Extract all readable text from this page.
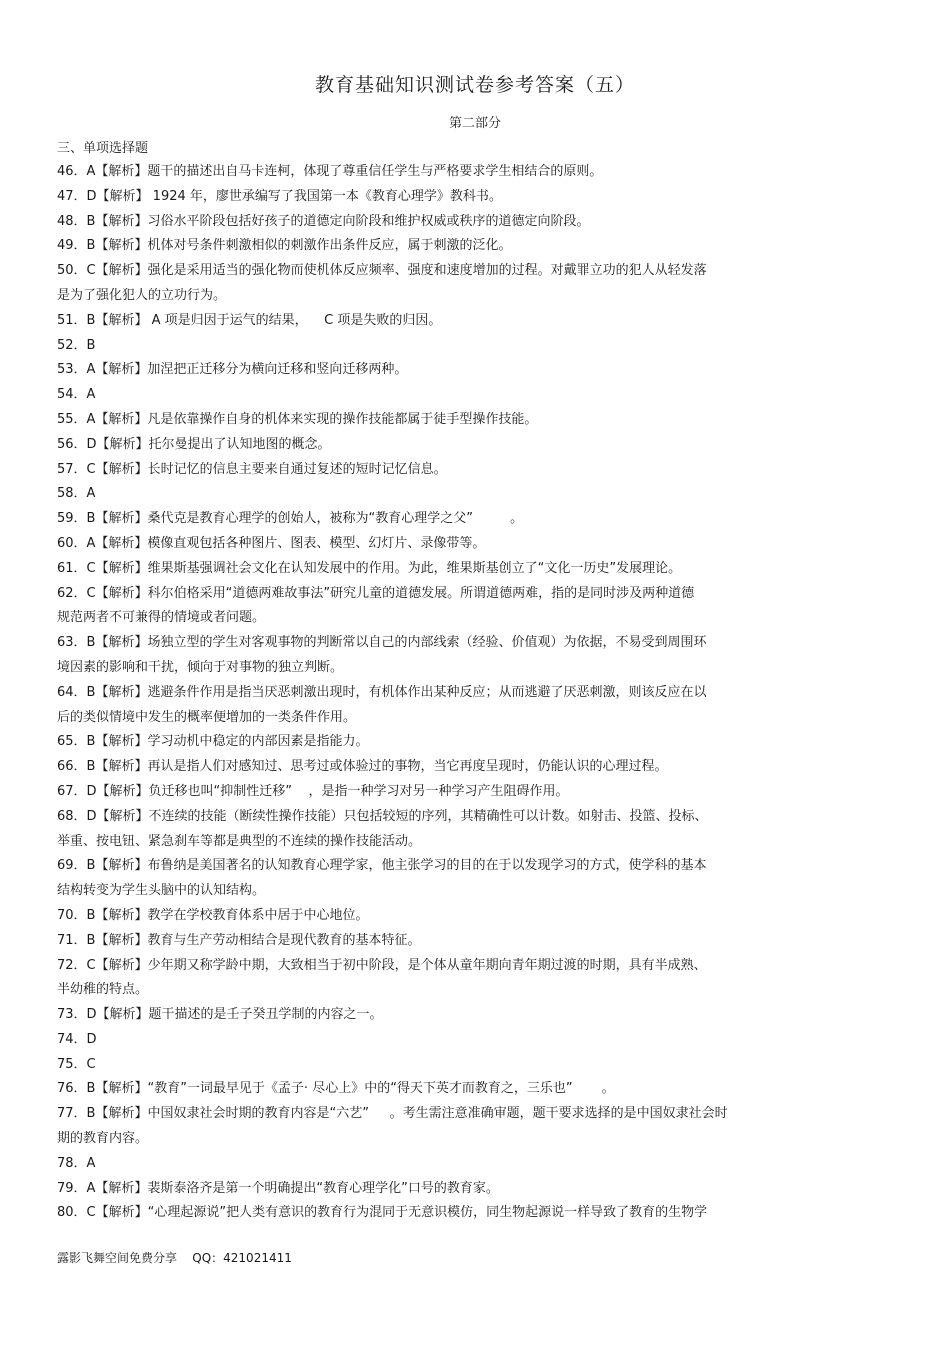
教育基础知识测试卷参考答案（五）
第二部分
三、单项选择题
46．A【解析】题干的描述出自马卡连柯，体现了尊重信任学生与严格要求学生相结合的原则。
47．D【解析】 1924 年，廖世承编写了我国第一本《教育心理学》教科书。
48．B【解析】习俗水平阶段包括好孩子的道德定向阶段和维护权威或秩序的道德定向阶段。
49．B【解析】机体对号条件刺激相似的刺激作出条件反应，属于刺激的泛化。
50．C【解析】强化是采用适当的强化物而使机体反应频率、强度和速度增加的过程。对戴罪立功的犯人从轻发落
是为了强化犯人的立功行为。
51．B【解析】 A 项是归因于运气的结果，    C 项是失败的归因。
52．B
53．A【解析】加涅把正迁移分为横向迁移和竖向迁移两种。
54．A
55．A【解析】凡是依靠操作自身的机体来实现的操作技能都属于徒手型操作技能。
56．D【解析】托尔曼提出了认知地图的概念。
57．C【解析】长时记忆的信息主要来自通过复述的短时记忆信息。
58．A
59．B【解析】桑代克是教育心理学的创始人，被称为“教育心理学之父”         。
60．A【解析】模像直观包括各种图片、图表、模型、幻灯片、录像带等。
61．C【解析】维果斯基强调社会文化在认知发展中的作用。为此，维果斯基创立了“文化一历史”发展理论。
62．C【解析】科尔伯格采用“道德两难故事法”研究儿童的道德发展。所谓道德两难，指的是同时涉及两种道德
规范两者不可兼得的情境或者问题。
63．B【解析】场独立型的学生对客观事物的判断常以自己的内部线索（经验、价值观）为依据，不易受到周围环
境因素的影响和干扰，倾向于对事物的独立判断。
64．B【解析】逃避条件作用是指当厌恶刺激出现时，有机体作出某种反应；从而逃避了厌恶刺激，则该反应在以
后的类似情境中发生的概率便增加的一类条件作用。
65．B【解析】学习动机中稳定的内部因素是指能力。
66．B【解析】再认是指人们对感知过、思考过或体验过的事物，当它再度呈现时，仍能认识的心理过程。
67．D【解析】负迁移也叫“抑制性迁移”    ，是指一种学习对另一种学习产生阻碍作用。
68．D【解析】不连续的技能（断续性操作技能）只包括较短的序列，其精确性可以计数。如射击、投篮、投标、
举重、按电钮、紧急刹车等都是典型的不连续的操作技能活动。
69．B【解析】布鲁纳是美国著名的认知教育心理学家，他主张学习的目的在于以发现学习的方式，使学科的基本
结构转变为学生头脑中的认知结构。
70．B【解析】教学在学校教育体系中居于中心地位。
71．B【解析】教育与生产劳动相结合是现代教育的基本特征。
72．C【解析】少年期又称学龄中期，大致相当于初中阶段，是个体从童年期向青年期过渡的时期，具有半成熟、
半幼稚的特点。
73．D【解析】题干描述的是壬子癸丑学制的内容之一。
74．D
75．C
76．B【解析】“教育”一词最早见于《孟子· 尽心上》中的“得天下英才而教育之，三乐也”       。
77．B【解析】中国奴隶社会时期的教育内容是“六艺”     。考生需注意准确审题，题干要求选择的是中国奴隶社会时
期的教育内容。
78．A
79．A【解析】裴斯泰洛齐是第一个明确提出“教育心理学化”口号的教育家。
80．C【解析】“心理起源说”把人类有意识的教育行为混同于无意识模仿，同生物起源说一样导致了教育的生物学
露影飞舞空间免费分享    QQ：421021411
